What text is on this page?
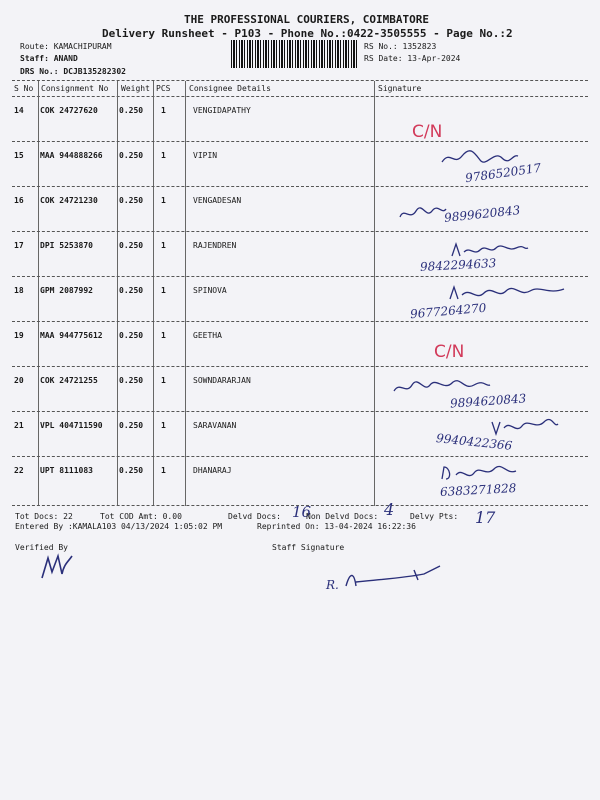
THE PROFESSIONAL COURIERS, COIMBATORE
Delivery Runsheet - P103 - Phone No.:0422-3505555 - Page No.:2
Route: KAMACHIPURAM
Staff: ANAND
DRS No.: DCJB135282302
RS No.: 1352823
RS Date: 13-Apr-2024
S No Consignment No Weight PCS Consignee Details	Signature
14 COK 24727620	0.250 1	VENGIDAPATHY
C/N
15 MAA 944888266 0.250 1	VIPIN
9786520517
16 COK 24721230	0.250 1	VENGADESAN
9899620843
17 DPI 5253870	0.250 1	RAJENDREN
9842294633
18 GPM 2087992	0.250 1	SPINOVA
9677264270
19 MAA 944775612 0.250 1	GEETHA
C/N
20 COK 24721255	0.250 1	SOWNDARARJAN
9894620843
21 VPL 404711590 0.250 1	SARAVANAN
9940422366
22 UPT 8111083	0.250 1	DHANARAJ
6383271828
Tot Docs: 22	Tot COD Amt: 0.00	Delvd Docs: 16
Non Delvd Docs: 4 Delvy Pts: 17
Entered By :KAMALA103 04/13/2024 1:05:02 PM	Reprinted On: 13-04-2024 16:22:36
Verified By	Staff Signature
R.
